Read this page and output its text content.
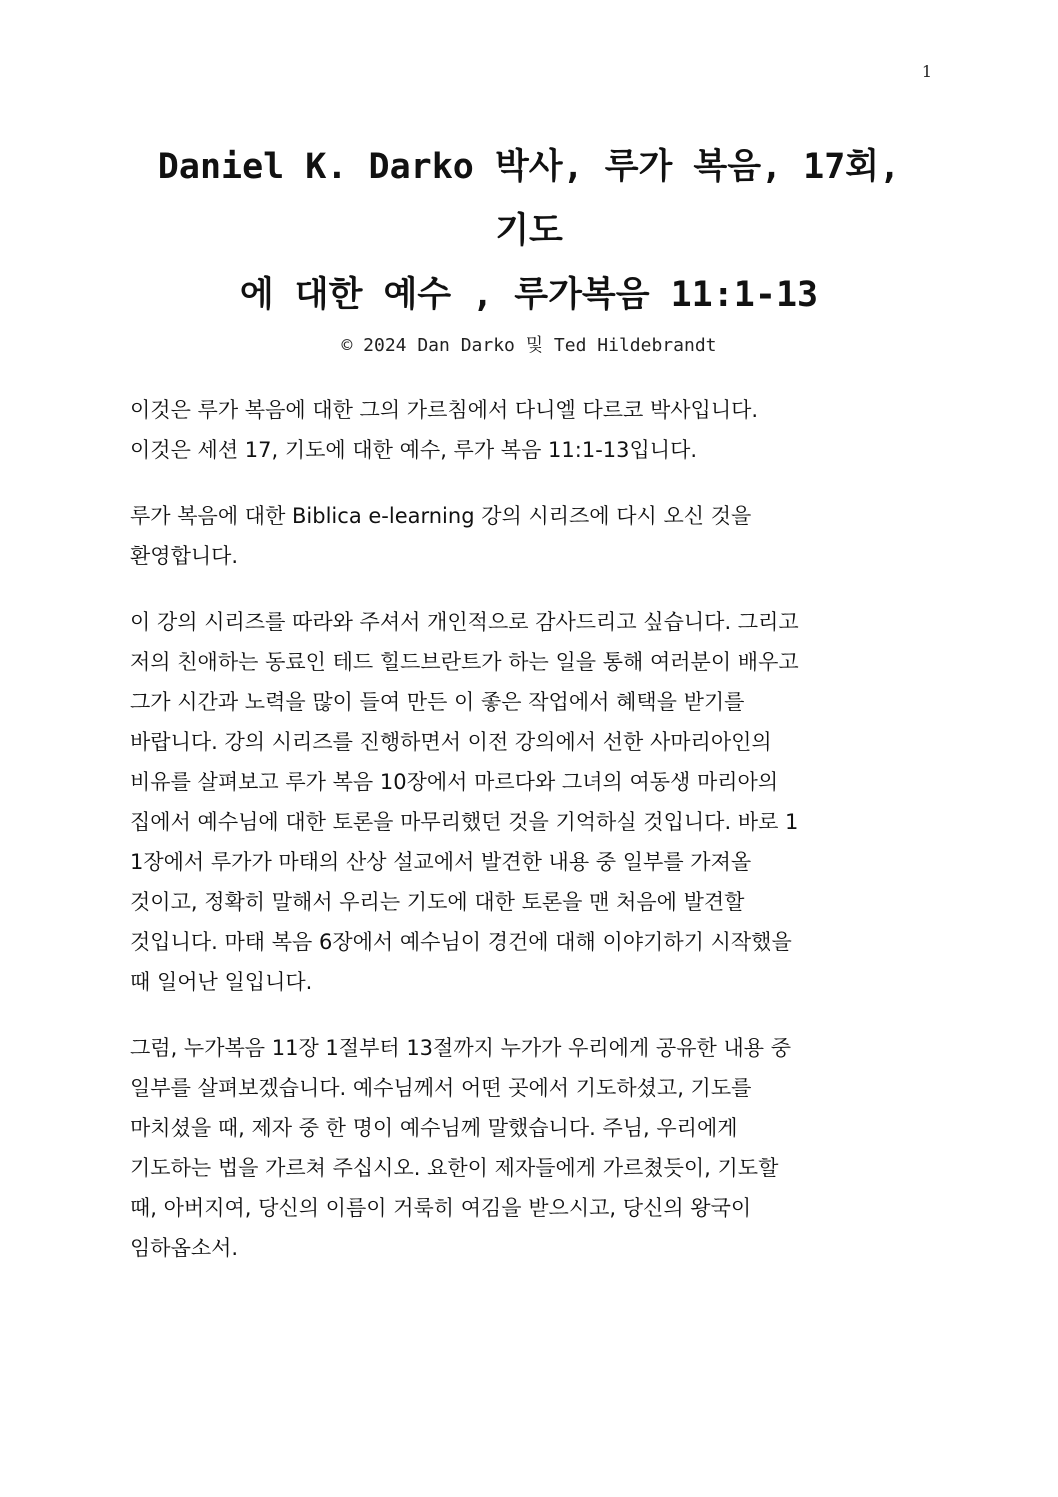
1
Daniel K. Darko 박사, 루가 복음, 17회,
기도
에 대한 예수 , 루가복음 11:1-13
© 2024 Dan Darko 및 Ted Hildebrandt

이것은 루가 복음에 대한 그의 가르침에서 다니엘 다르코 박사입니다.
이것은 세션 17, 기도에 대한 예수, 루가 복음 11:1-13입니다.

루가 복음에 대한 Biblica e-learning 강의 시리즈에 다시 오신 것을
환영합니다.

이 강의 시리즈를 따라와 주셔서 개인적으로 감사드리고 싶습니다. 그리고
저의 친애하는 동료인 테드 힐드브란트가 하는 일을 통해 여러분이 배우고
그가 시간과 노력을 많이 들여 만든 이 좋은 작업에서 혜택을 받기를
바랍니다. 강의 시리즈를 진행하면서 이전 강의에서 선한 사마리아인의
비유를 살펴보고 루가 복음 10장에서 마르다와 그녀의 여동생 마리아의
집에서 예수님에 대한 토론을 마무리했던 것을 기억하실 것입니다. 바로 1
1장에서 루가가 마태의 산상 설교에서 발견한 내용 중 일부를 가져올
것이고, 정확히 말해서 우리는 기도에 대한 토론을 맨 처음에 발견할
것입니다. 마태 복음 6장에서 예수님이 경건에 대해 이야기하기 시작했을
때 일어난 일입니다.

그럼, 누가복음 11장 1절부터 13절까지 누가가 우리에게 공유한 내용 중
일부를 살펴보겠습니다. 예수님께서 어떤 곳에서 기도하셨고, 기도를
마치셨을 때, 제자 중 한 명이 예수님께 말했습니다. 주님, 우리에게
기도하는 법을 가르쳐 주십시오. 요한이 제자들에게 가르쳤듯이, 기도할
때, 아버지여, 당신의 이름이 거룩히 여김을 받으시고, 당신의 왕국이
임하옵소서.
